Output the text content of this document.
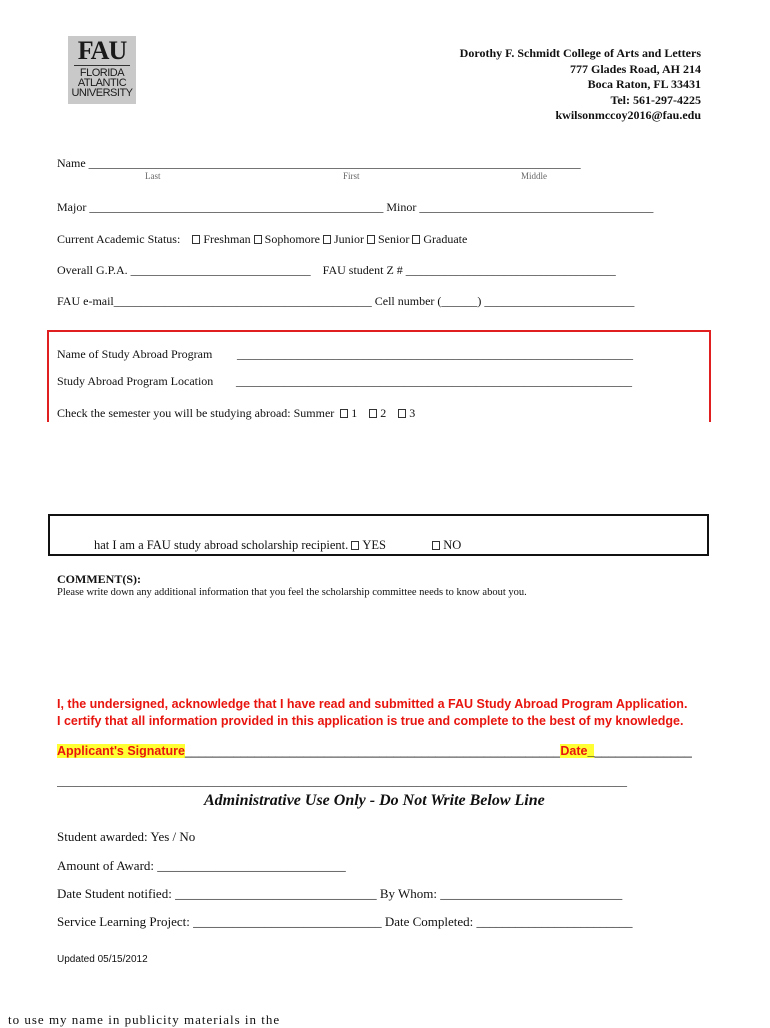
FAU
FLORIDA
ATLANTIC
UNIVERSITY
Dorothy F. Schmidt College of Arts and Letters
777 Glades Road, AH 214
Boca Raton, FL 33431
Tel: 561-297-4225
kwilsonmccoy2016@fau.edu
Name __________________________________________________________________________________
Last	First	Middle
Major _________________________________________________ Minor _______________________________________
Current Academic Status: Freshman Sophomore Junior Senior Graduate
Overall G.P.A. ______________________________ FAU student Z # ___________________________________
FAU e-mail___________________________________________ Cell number (______) _________________________
Name of Study Abroad Program __________________________________________________________________
Study Abroad Program Location __________________________________________________________________
Check the semester you will be studying abroad: Summer 1 2 3
hat I am a FAU study abroad scholarship recipient. YES	NO
COMMENT(S):
Please write down any additional information that you feel the scholarship committee needs to know about you.
I, the undersigned, acknowledge that I have read and submitted a FAU Study Abroad Program Application.
I certify that all information provided in this application is true and complete to the best of my knowledge.
Applicant's Signature______________________________________________________Date_______________
_______________________________________________________________________________________________
Administrative Use Only - Do Not Write Below Line
Student awarded: Yes / No
Amount of Award: _____________________________
Date Student notified: _______________________________ By Whom: ____________________________
Service Learning Project: _____________________________ Date Completed: ________________________
Updated 05/15/2012
to use my name in publicity materials in the
